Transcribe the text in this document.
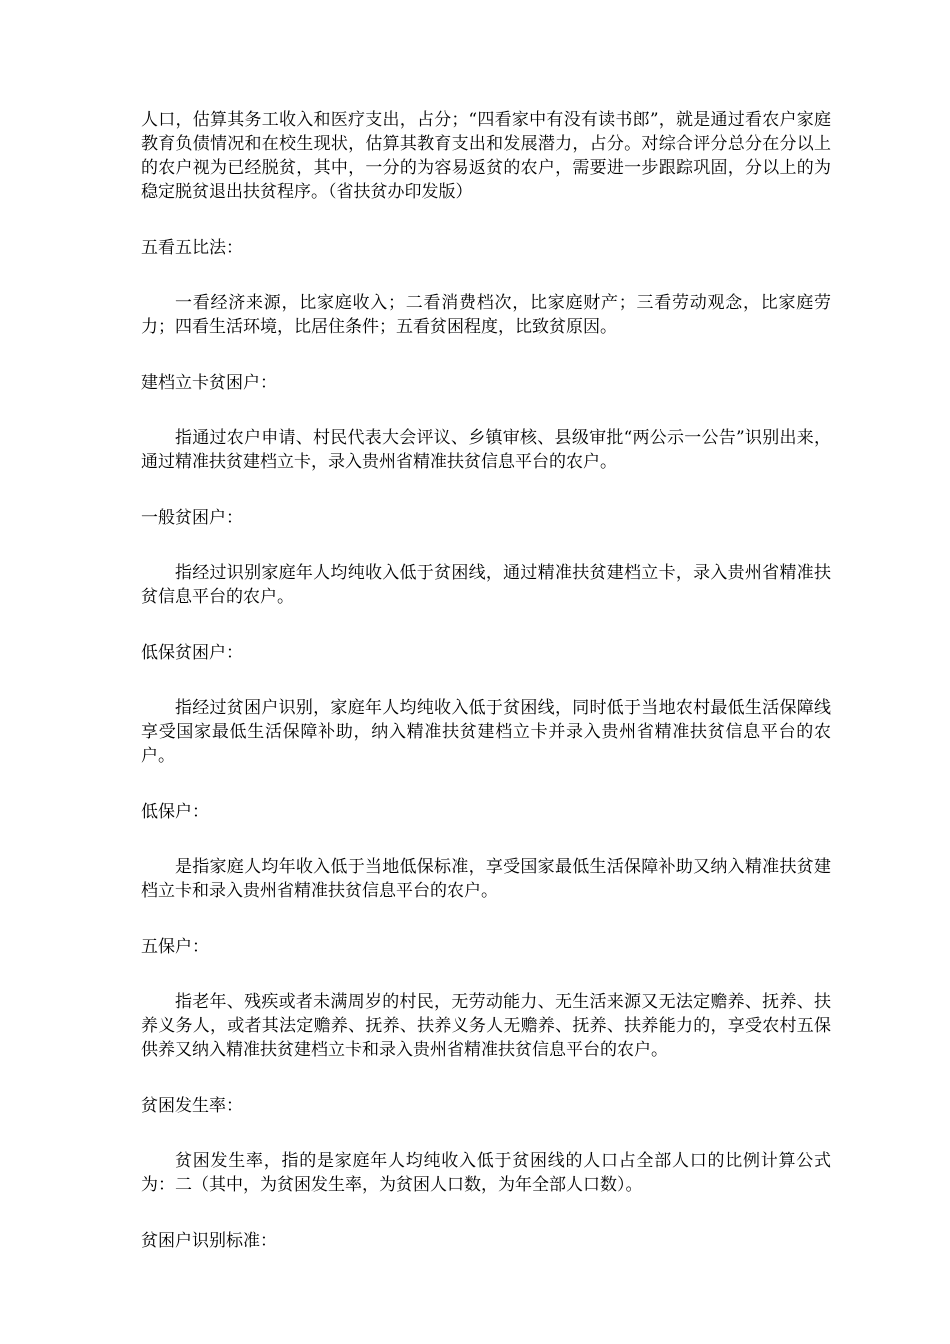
人口，估算其务工收入和医疗支出，占分；“四看家中有没有读书郎”，就是通过看农户家庭教育负债情况和在校生现状，估算其教育支出和发展潜力，占分。对综合评分总分在分以上的农户视为已经脱贫，其中，一分的为容易返贫的农户，需要进一步跟踪巩固，分以上的为稳定脱贫退出扶贫程序。（省扶贫办印发版）

五看五比法：

一看经济来源，比家庭收入；二看消费档次，比家庭财产；三看劳动观念，比家庭劳力；四看生活环境，比居住条件；五看贫困程度，比致贫原因。

建档立卡贫困户：

指通过农户申请、村民代表大会评议、乡镇审核、县级审批“两公示一公告”识别出来，通过精准扶贫建档立卡，录入贵州省精准扶贫信息平台的农户。

一般贫困户：

指经过识别家庭年人均纯收入低于贫困线，通过精准扶贫建档立卡，录入贵州省精准扶贫信息平台的农户。

低保贫困户：

指经过贫困户识别，家庭年人均纯收入低于贫困线，同时低于当地农村最低生活保障线享受国家最低生活保障补助，纳入精准扶贫建档立卡并录入贵州省精准扶贫信息平台的农户。

低保户：

是指家庭人均年收入低于当地低保标准，享受国家最低生活保障补助又纳入精准扶贫建档立卡和录入贵州省精准扶贫信息平台的农户。

五保户：

指老年、残疾或者未满周岁的村民，无劳动能力、无生活来源又无法定赡养、抚养、扶养义务人，或者其法定赡养、抚养、扶养义务人无赡养、抚养、扶养能力的，享受农村五保供养又纳入精准扶贫建档立卡和录入贵州省精准扶贫信息平台的农户。

贫困发生率：

贫困发生率，指的是家庭年人均纯收入低于贫困线的人口占全部人口的比例计算公式为：二（其中，为贫困发生率，为贫困人口数，为年全部人口数）。

贫困户识别标准：
